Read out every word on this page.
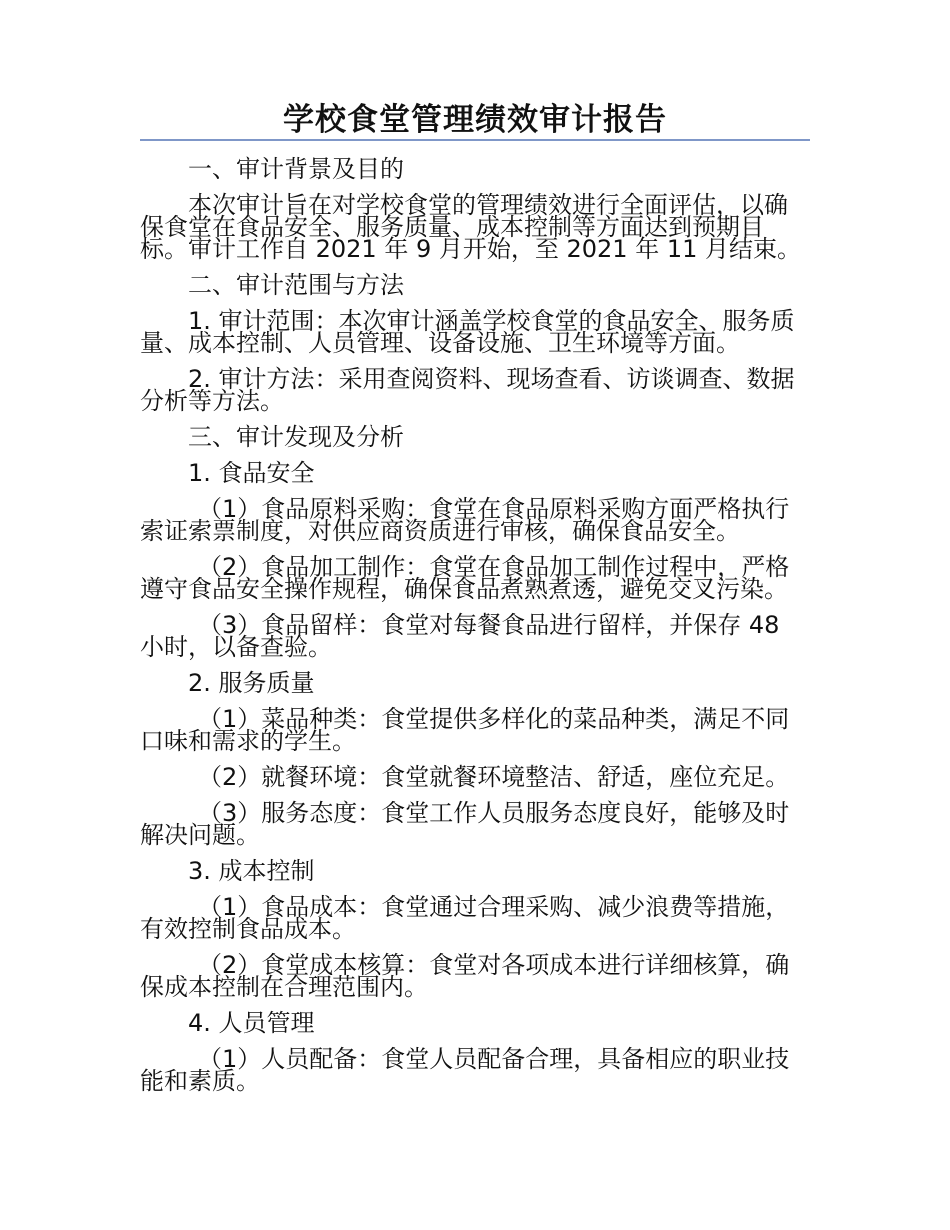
学校食堂管理绩效审计报告

一、审计背景及目的

本次审计旨在对学校食堂的管理绩效进行全面评估，以确保食堂在食品安全、服务质量、成本控制等方面达到预期目标。审计工作自 2021 年 9 月开始，至 2021 年 11 月结束。

二、审计范围与方法

1. 审计范围：本次审计涵盖学校食堂的食品安全、服务质量、成本控制、人员管理、设备设施、卫生环境等方面。

2. 审计方法：采用查阅资料、现场查看、访谈调查、数据分析等方法。

三、审计发现及分析

1. 食品安全

（1）食品原料采购：食堂在食品原料采购方面严格执行索证索票制度，对供应商资质进行审核，确保食品安全。

（2）食品加工制作：食堂在食品加工制作过程中，严格遵守食品安全操作规程，确保食品煮熟煮透，避免交叉污染。

（3）食品留样：食堂对每餐食品进行留样，并保存 48 小时，以备查验。

2. 服务质量

（1）菜品种类：食堂提供多样化的菜品种类，满足不同口味和需求的学生。

（2）就餐环境：食堂就餐环境整洁、舒适，座位充足。

（3）服务态度：食堂工作人员服务态度良好，能够及时解决问题。

3. 成本控制

（1）食品成本：食堂通过合理采购、减少浪费等措施，有效控制食品成本。

（2）食堂成本核算：食堂对各项成本进行详细核算，确保成本控制在合理范围内。

4. 人员管理

（1）人员配备：食堂人员配备合理，具备相应的职业技能和素质。
